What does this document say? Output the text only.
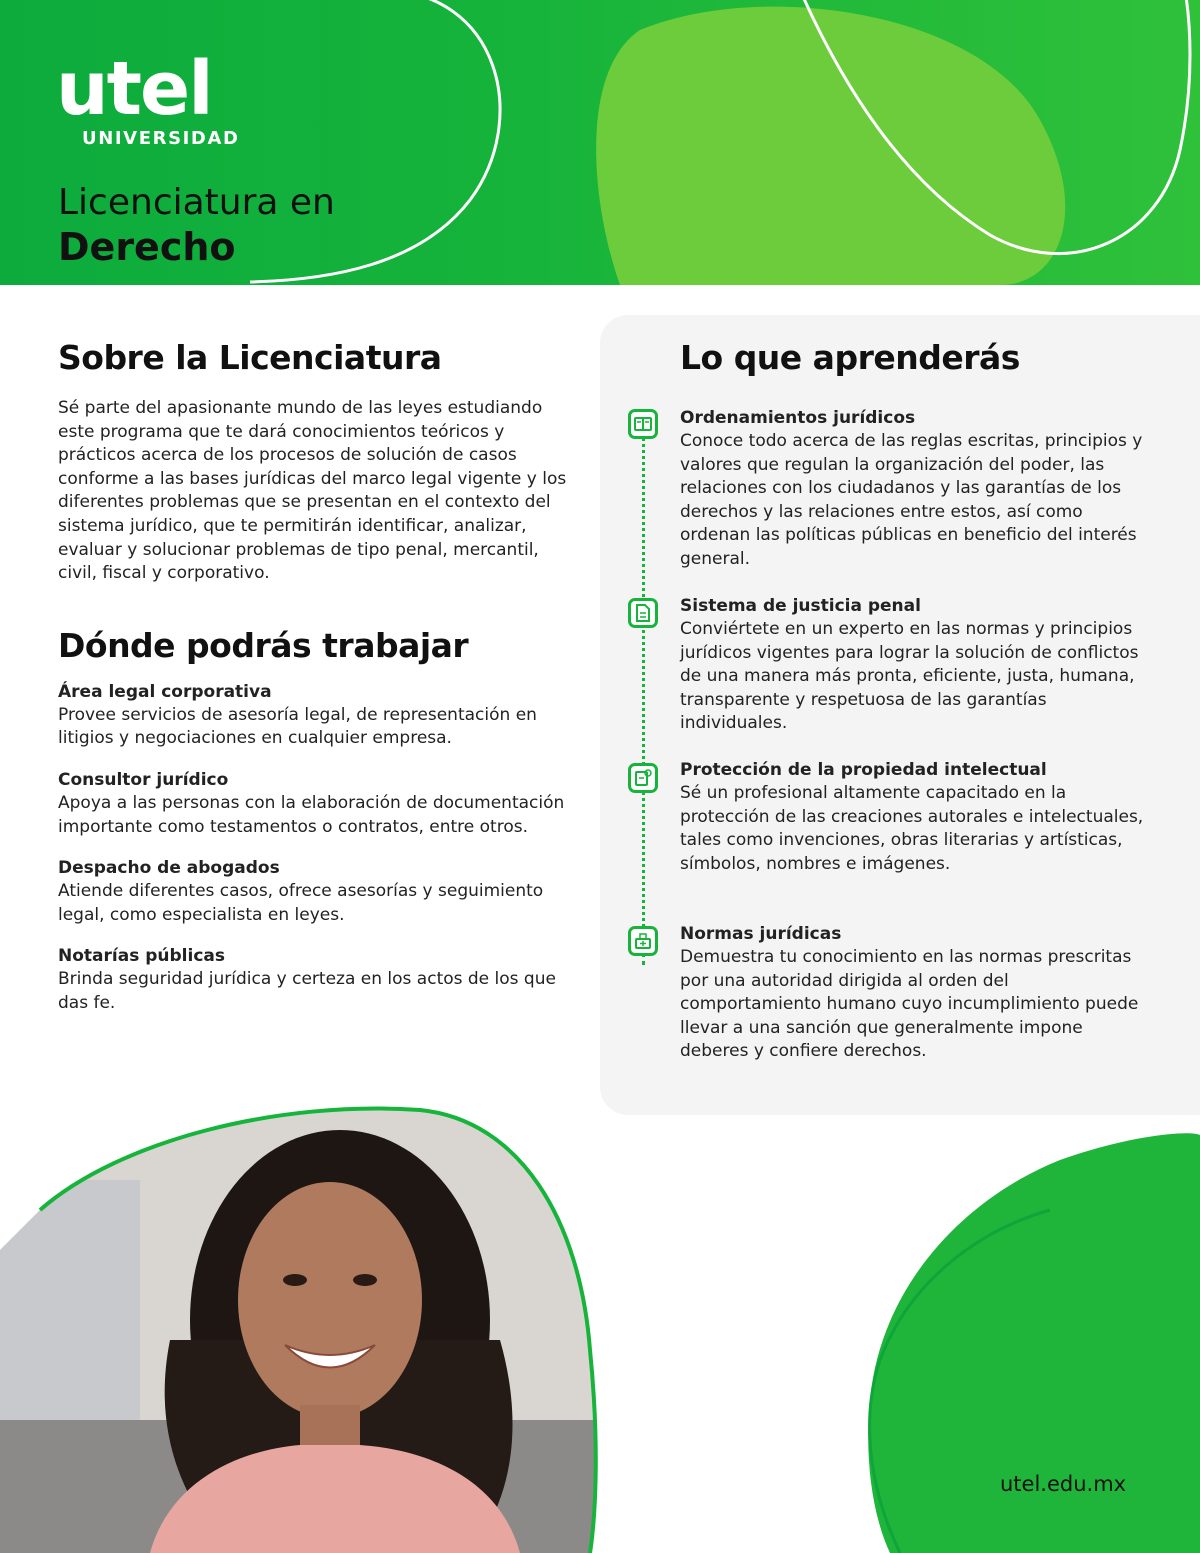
utel
UNIVERSIDAD
Licenciatura en
Derecho
Sobre la Licenciatura

Sé parte del apasionante mundo de las leyes estudiando este programa que te dará conocimientos teóricos y prácticos acerca de los procesos de solución de casos conforme a las bases jurídicas del marco legal vigente y los diferentes problemas que se presentan en el contexto del sistema jurídico, que te permitirán identificar, analizar, evaluar y solucionar problemas de tipo penal, mercantil, civil, fiscal y corporativo.

Dónde podrás trabajar
Área legal corporativa

Provee servicios de asesoría legal, de representación en litigios y negociaciones en cualquier empresa.

Consultor jurídico

Apoya a las personas con la elaboración de documentación importante como testamentos o contratos, entre otros.

Despacho de abogados

Atiende diferentes casos, ofrece asesorías y seguimiento legal, como especialista en leyes.

Notarías públicas

Brinda seguridad jurídica y certeza en los actos de los que das fe.

Lo que aprenderás
Ordenamientos jurídicos

Conoce todo acerca de las reglas escritas, principios y valores que regulan la organización del poder, las relaciones con los ciudadanos y las garantías de los derechos y las relaciones entre estos, así como ordenan las políticas públicas en beneficio del interés general.

Sistema de justicia penal

Conviértete en un experto en las normas y principios jurídicos vigentes para lograr la solución de conflictos de una manera más pronta, eficiente, justa, humana, transparente y respetuosa de las garantías individuales.

Protección de la propiedad intelectual

Sé un profesional altamente capacitado en la protección de las creaciones autorales e intelectuales, tales como invenciones, obras literarias y artísticas, símbolos, nombres e imágenes.

Normas jurídicas

Demuestra tu conocimiento en las normas prescritas por una autoridad dirigida al orden del comportamiento humano cuyo incumplimiento puede llevar a una sanción que generalmente impone deberes y confiere derechos.

utel.edu.mx
